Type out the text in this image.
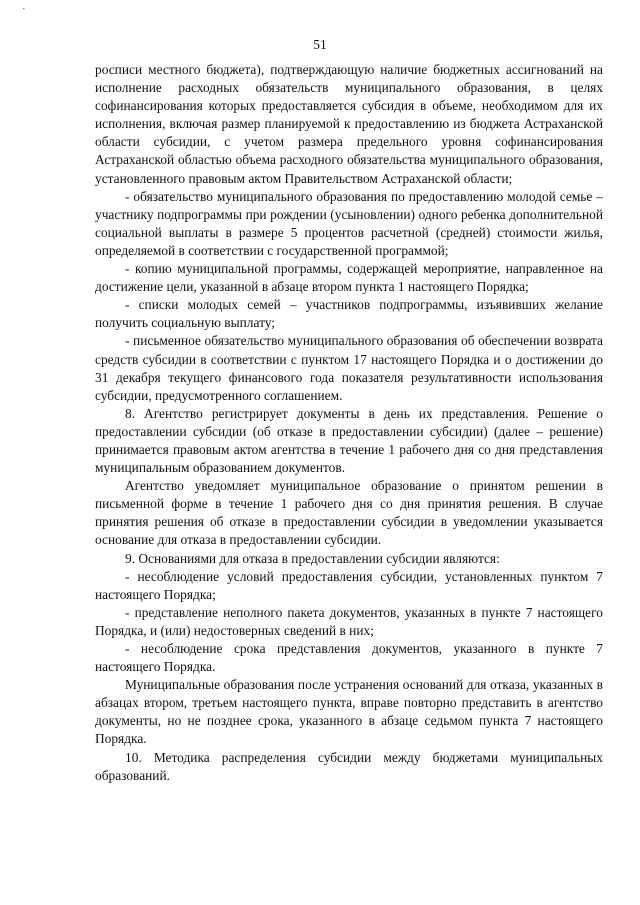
·
51

росписи местного бюджета), подтверждающую наличие бюджетных ассигнований на исполнение расходных обязательств муниципального образования, в целях софинансирования которых предоставляется субсидия в объеме, необходимом для их исполнения, включая размер планируемой к предоставлению из бюджета Астраханской области субсидии, с учетом размера предельного уровня софинансирования Астраханской областью объема расходного обязательства муниципального образования, установленного правовым актом Правительством Астраханской области;

- обязательство муниципального образования по предоставлению молодой семье – участнику подпрограммы при рождении (усыновлении) одного ребенка дополнительной социальной выплаты в размере 5 процентов расчетной (средней) стоимости жилья, определяемой в соответствии с государственной программой;

- копию муниципальной программы, содержащей мероприятие, направленное на достижение цели, указанной в абзаце втором пункта 1 настоящего Порядка;

- списки молодых семей – участников подпрограммы, изъявивших желание получить социальную выплату;

- письменное обязательство муниципального образования об обеспечении возврата средств субсидии в соответствии с пунктом 17 настоящего Порядка и о достижении до 31 декабря текущего финансового года показателя результативности использования субсидии, предусмотренного соглашением.

8. Агентство регистрирует документы в день их представления. Решение о предоставлении субсидии (об отказе в предоставлении субсидии) (далее – решение) принимается правовым актом агентства в течение 1 рабочего дня со дня представления муниципальным образованием документов.

Агентство уведомляет муниципальное образование о принятом решении в письменной форме в течение 1 рабочего дня со дня принятия решения. В случае принятия решения об отказе в предоставлении субсидии в уведомлении указывается основание для отказа в предоставлении субсидии.

9. Основаниями для отказа в предоставлении субсидии являются:

- несоблюдение условий предоставления субсидии, установленных пунктом 7 настоящего Порядка;

- представление неполного пакета документов, указанных в пункте 7 настоящего Порядка, и (или) недостоверных сведений в них;

- несоблюдение срока представления документов, указанного в пункте 7 настоящего Порядка.

Муниципальные образования после устранения оснований для отказа, указанных в абзацах втором, третьем настоящего пункта, вправе повторно представить в агентство документы, но не позднее срока, указанного в абзаце седьмом пункта 7 настоящего Порядка.

10. Методика распределения субсидии между бюджетами муниципальных образований.
